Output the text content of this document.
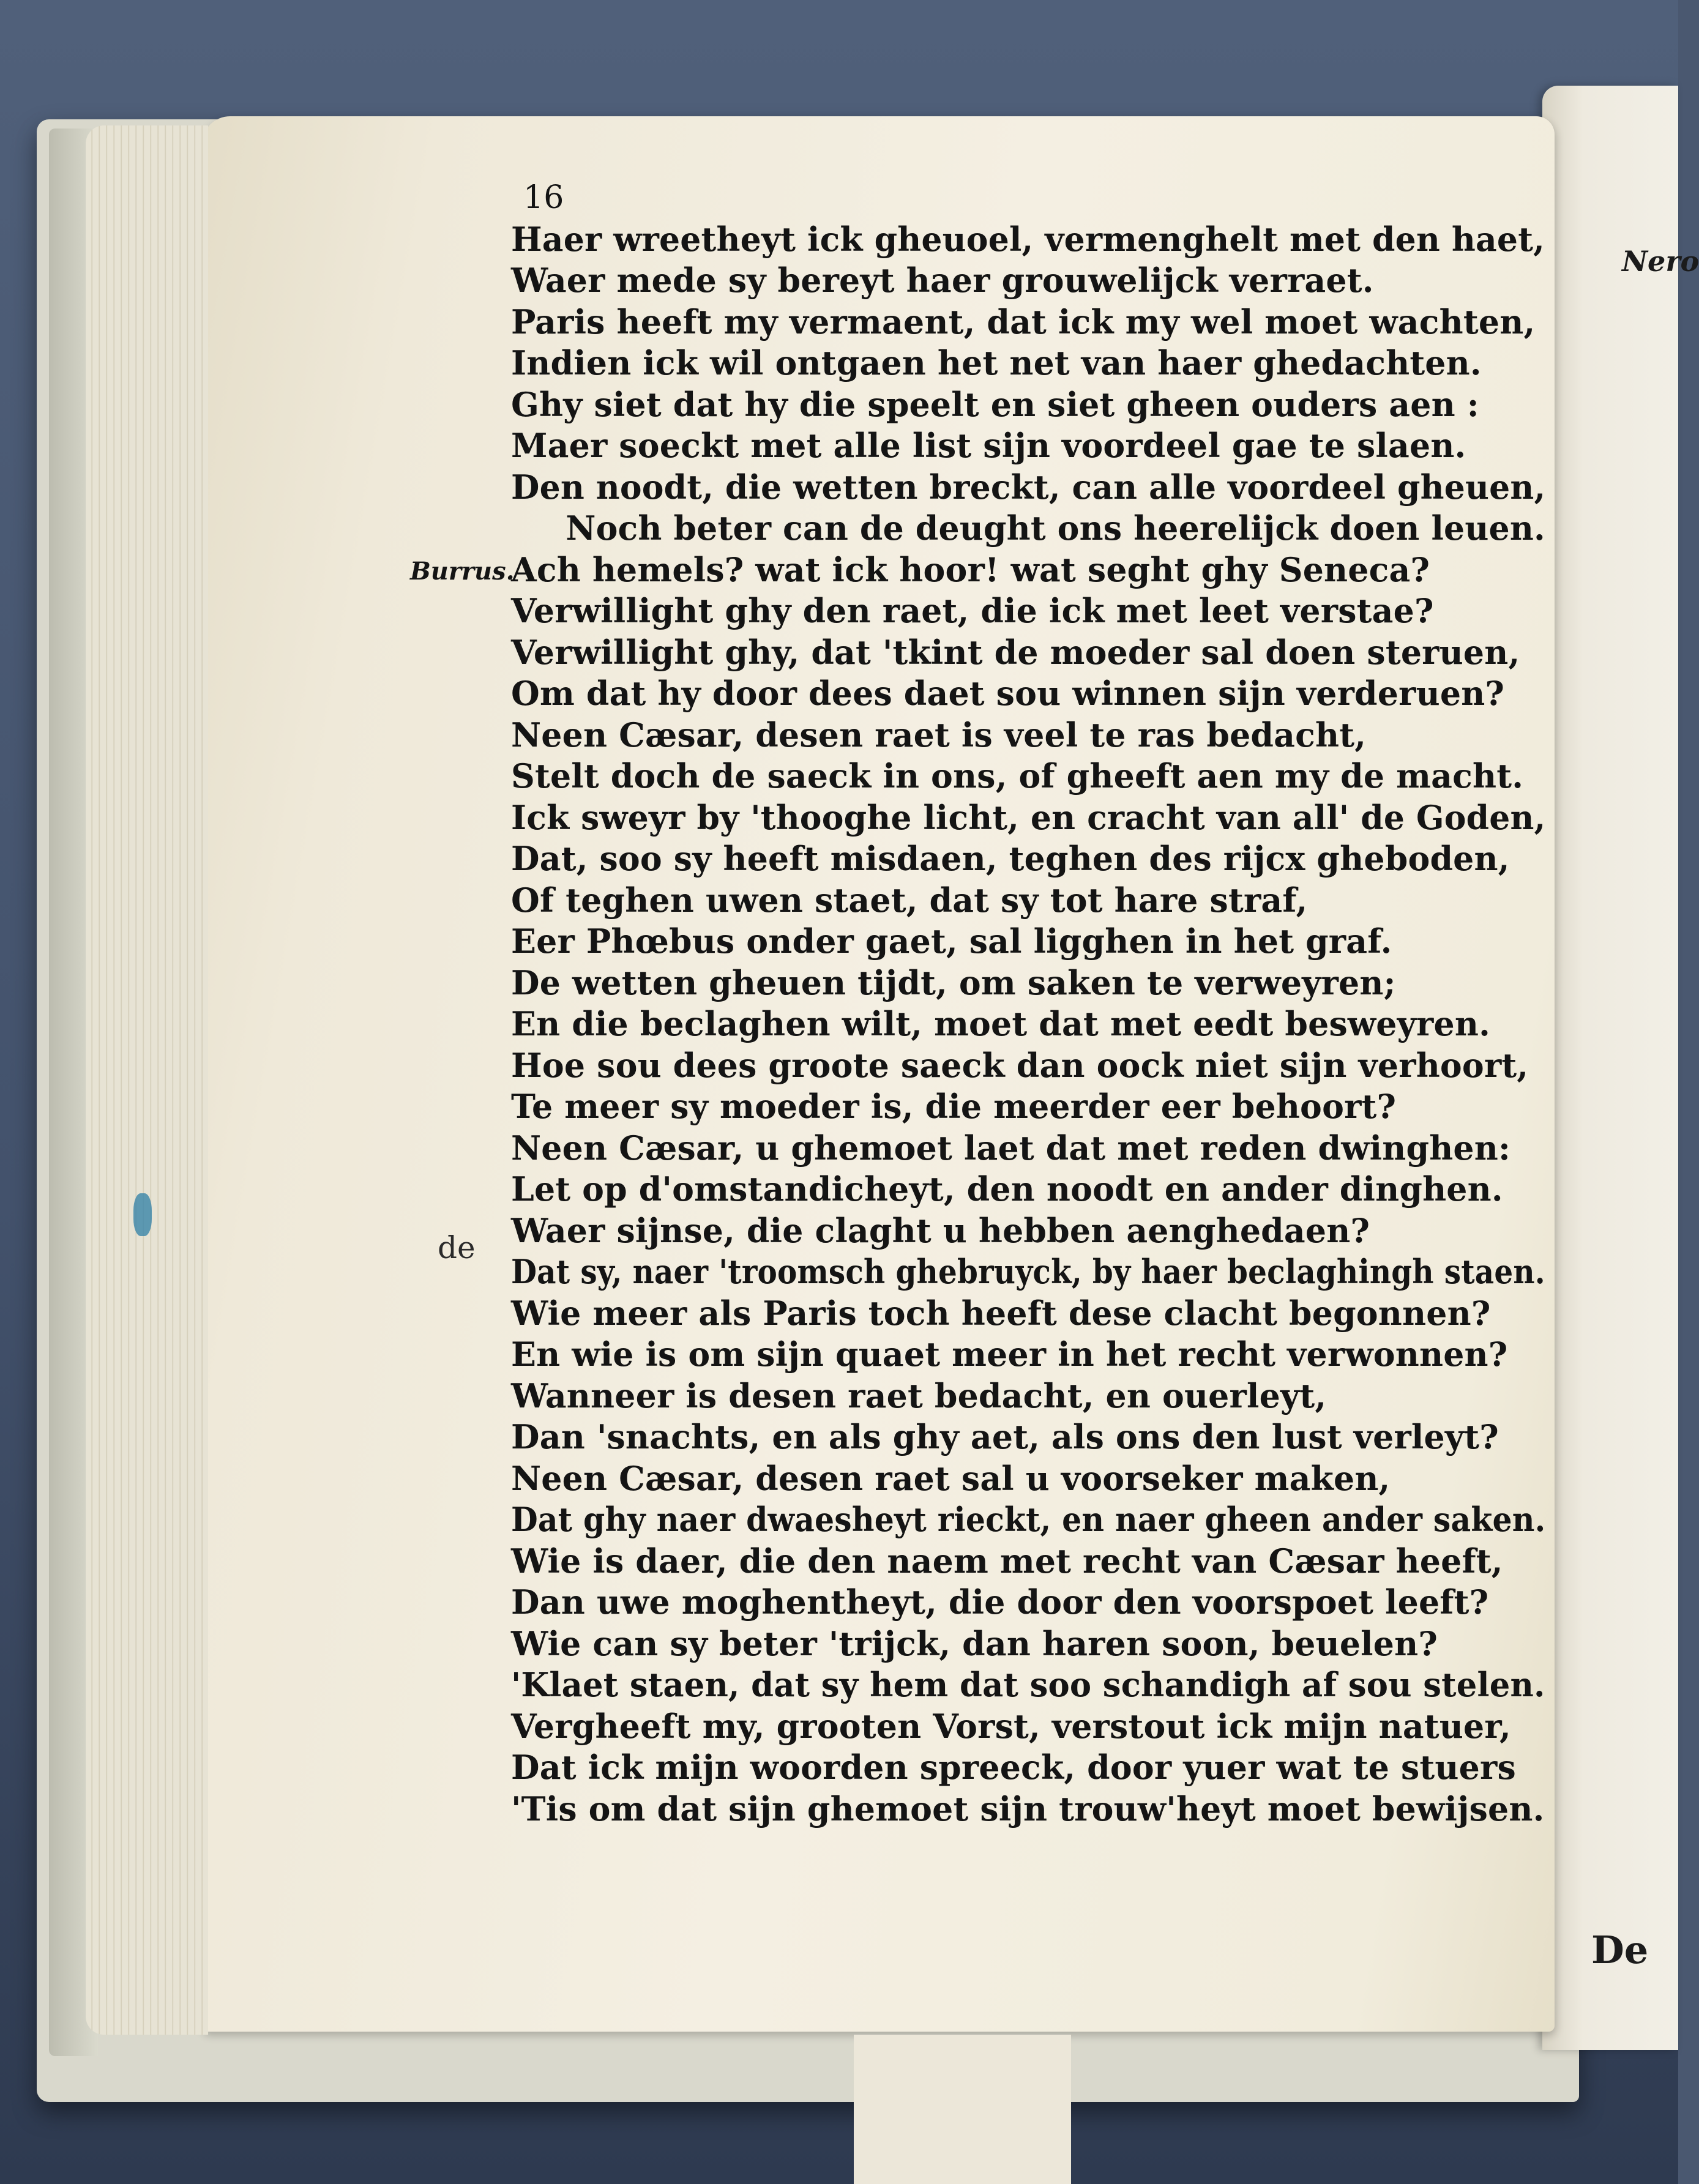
Nero
De
Burrus.
de
16
Haer wreetheyt ick gheuoel, vermenghelt met den haet,
Waer mede sy bereyt haer grouwelijck verraet.
Paris heeft my vermaent, dat ick my wel moet wachten,
Indien ick wil ontgaen het net van haer ghedachten.
Ghy siet dat hy die speelt en siet gheen ouders aen :
Maer soeckt met alle list sijn voordeel gae te slaen.
Den noodt, die wetten breckt, can alle voordeel gheuen,
Noch beter can de deught ons heerelijck doen leuen.
Ach hemels? wat ick hoor! wat seght ghy Seneca?
Verwillight ghy den raet, die ick met leet verstae?
Verwillight ghy, dat 'tkint de moeder sal doen steruen,
Om dat hy door dees daet sou winnen sijn verderuen?
Neen Cæsar, desen raet is veel te ras bedacht,
Stelt doch de saeck in ons, of gheeft aen my de macht.
Ick sweyr by 'thooghe licht, en cracht van all' de Goden,
Dat, soo sy heeft misdaen, teghen des rijcx gheboden,
Of teghen uwen staet, dat sy tot hare straf,
Eer Phœbus onder gaet, sal ligghen in het graf.
De wetten gheuen tijdt, om saken te verweyren;
En die beclaghen wilt, moet dat met eedt besweyren.
Hoe sou dees groote saeck dan oock niet sijn verhoort,
Te meer sy moeder is, die meerder eer behoort?
Neen Cæsar, u ghemoet laet dat met reden dwinghen:
Let op d'omstandicheyt, den noodt en ander dinghen.
Waer sijnse, die claght u hebben aenghedaen?
Dat sy, naer 'troomsch ghebruyck, by haer beclaghingh staen.
Wie meer als Paris toch heeft dese clacht begonnen?
En wie is om sijn quaet meer in het recht verwonnen?
Wanneer is desen raet bedacht, en ouerleyt,
Dan 'snachts, en als ghy aet, als ons den lust verleyt?
Neen Cæsar, desen raet sal u voorseker maken,
Dat ghy naer dwaesheyt rieckt, en naer gheen ander saken.
Wie is daer, die den naem met recht van Cæsar heeft,
Dan uwe moghentheyt, die door den voorspoet leeft?
Wie can sy beter 'trijck, dan haren soon, beuelen?
'Klaet staen, dat sy hem dat soo schandigh af sou stelen.
Vergheeft my, grooten Vorst, verstout ick mijn natuer,
Dat ick mijn woorden spreeck, door yuer wat te stuers
'Tis om dat sijn ghemoet sijn trouw'heyt moet bewijsen.
